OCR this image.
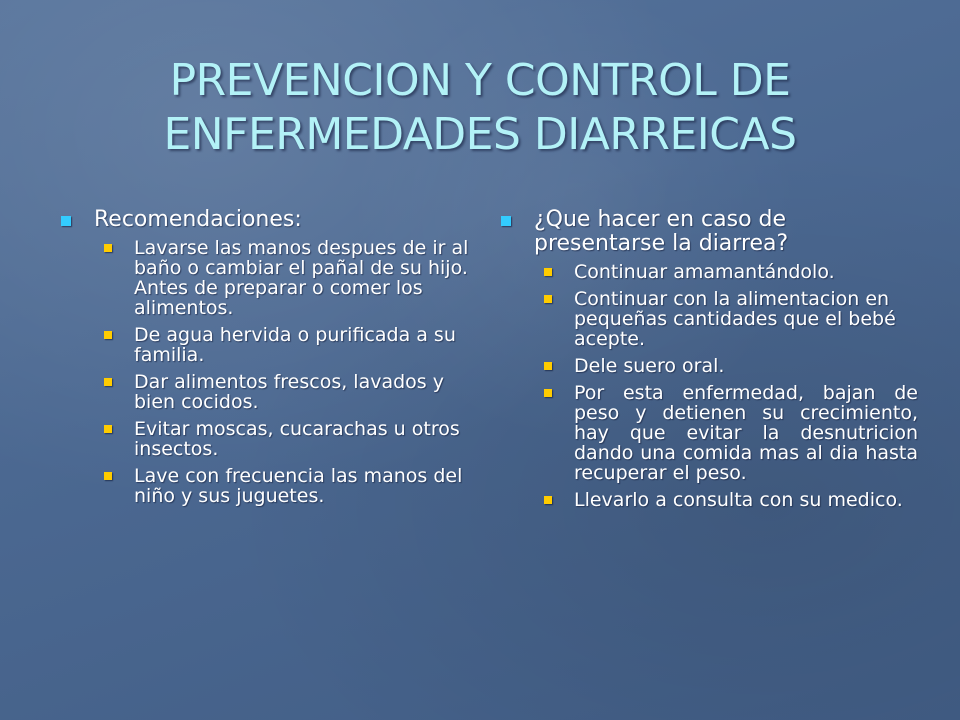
PREVENCION Y CONTROL DE
ENFERMEDADES DIARREICAS
Recomendaciones:
Lavarse las manos despues de ir al baño o cambiar el pañal de su hijo. Antes de preparar o comer los alimentos.
De agua hervida o purificada a su familia.
Dar alimentos frescos, lavados y bien cocidos.
Evitar moscas, cucarachas u otros insectos.
Lave con frecuencia las manos del niño y sus juguetes.
¿Que hacer en caso de presentarse la diarrea?
Continuar amamantándolo.
Continuar con la alimentacion en pequeñas cantidades que el bebé acepte.
Dele suero oral.
Por esta enfermedad, bajan de peso y detienen su crecimiento, hay que evitar la desnutricion dando una comida mas al dia hasta recuperar el peso.
Llevarlo a consulta con su medico.
